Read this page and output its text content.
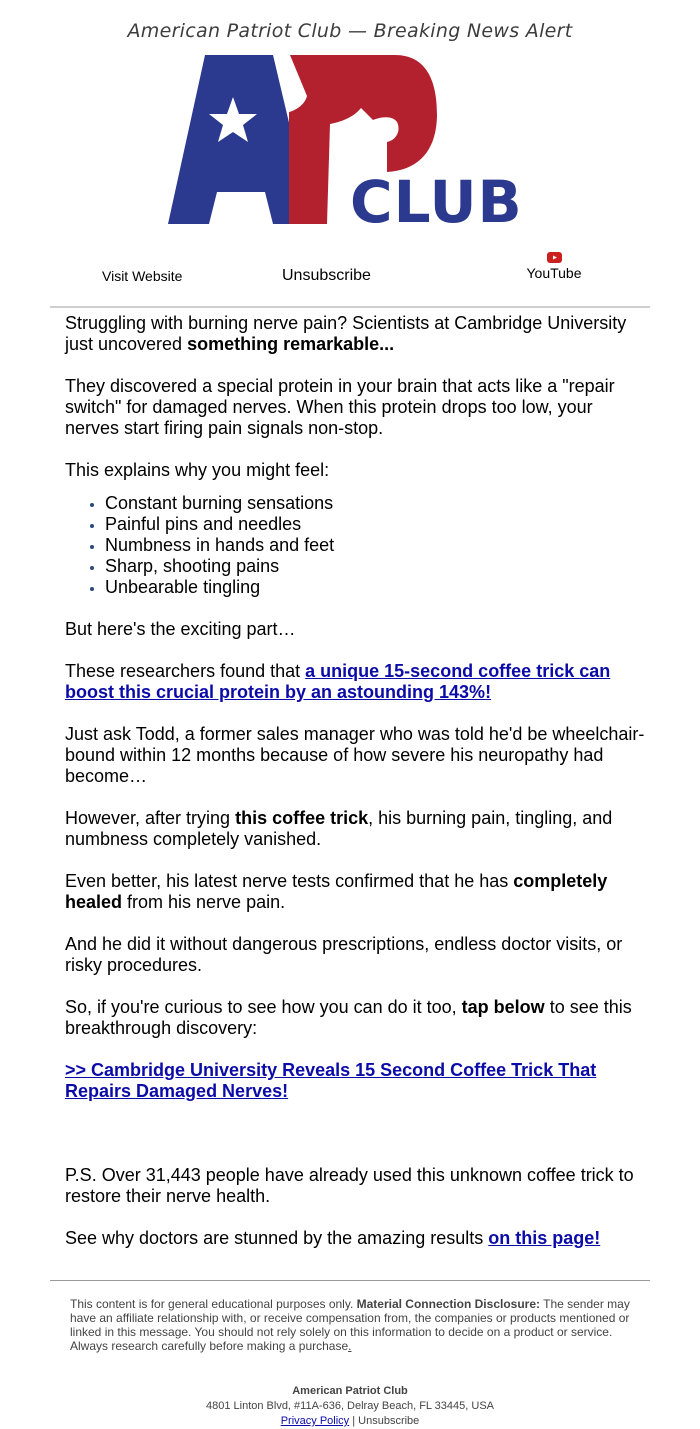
American Patriot Club — Breaking News Alert
CLUB
Visit Website	Unsubscribe	YouTube

Struggling with burning nerve pain? Scientists at Cambridge University just uncovered something remarkable...

They discovered a special protein in your brain that acts like a "repair switch" for damaged nerves. When this protein drops too low, your nerves start firing pain signals non-stop.

This explains why you might feel:

• Constant burning sensations
• Painful pins and needles
• Numbness in hands and feet
• Sharp, shooting pains
• Unbearable tingling

But here's the exciting part…

These researchers found that a unique 15-second coffee trick can boost this crucial protein by an astounding 143%!

Just ask Todd, a former sales manager who was told he'd be wheelchair-bound within 12 months because of how severe his neuropathy had become…

However, after trying this coffee trick, his burning pain, tingling, and numbness completely vanished.

Even better, his latest nerve tests confirmed that he has completely healed from his nerve pain.

And he did it without dangerous prescriptions, endless doctor visits, or risky procedures.

So, if you're curious to see how you can do it too, tap below to see this breakthrough discovery:

>> Cambridge University Reveals 15 Second Coffee Trick That Repairs Damaged Nerves!

P.S. Over 31,443 people have already used this unknown coffee trick to restore their nerve health.

See why doctors are stunned by the amazing results on this page!

This content is for general educational purposes only. Material Connection Disclosure: The sender may have an affiliate relationship with, or receive compensation from, the companies or products mentioned or linked in this message. You should not rely solely on this information to decide on a product or service. Always research carefully before making a purchase.
American Patriot Club
4801 Linton Blvd, #11A-636, Delray Beach, FL 33445, USA
Privacy Policy | Unsubscribe
